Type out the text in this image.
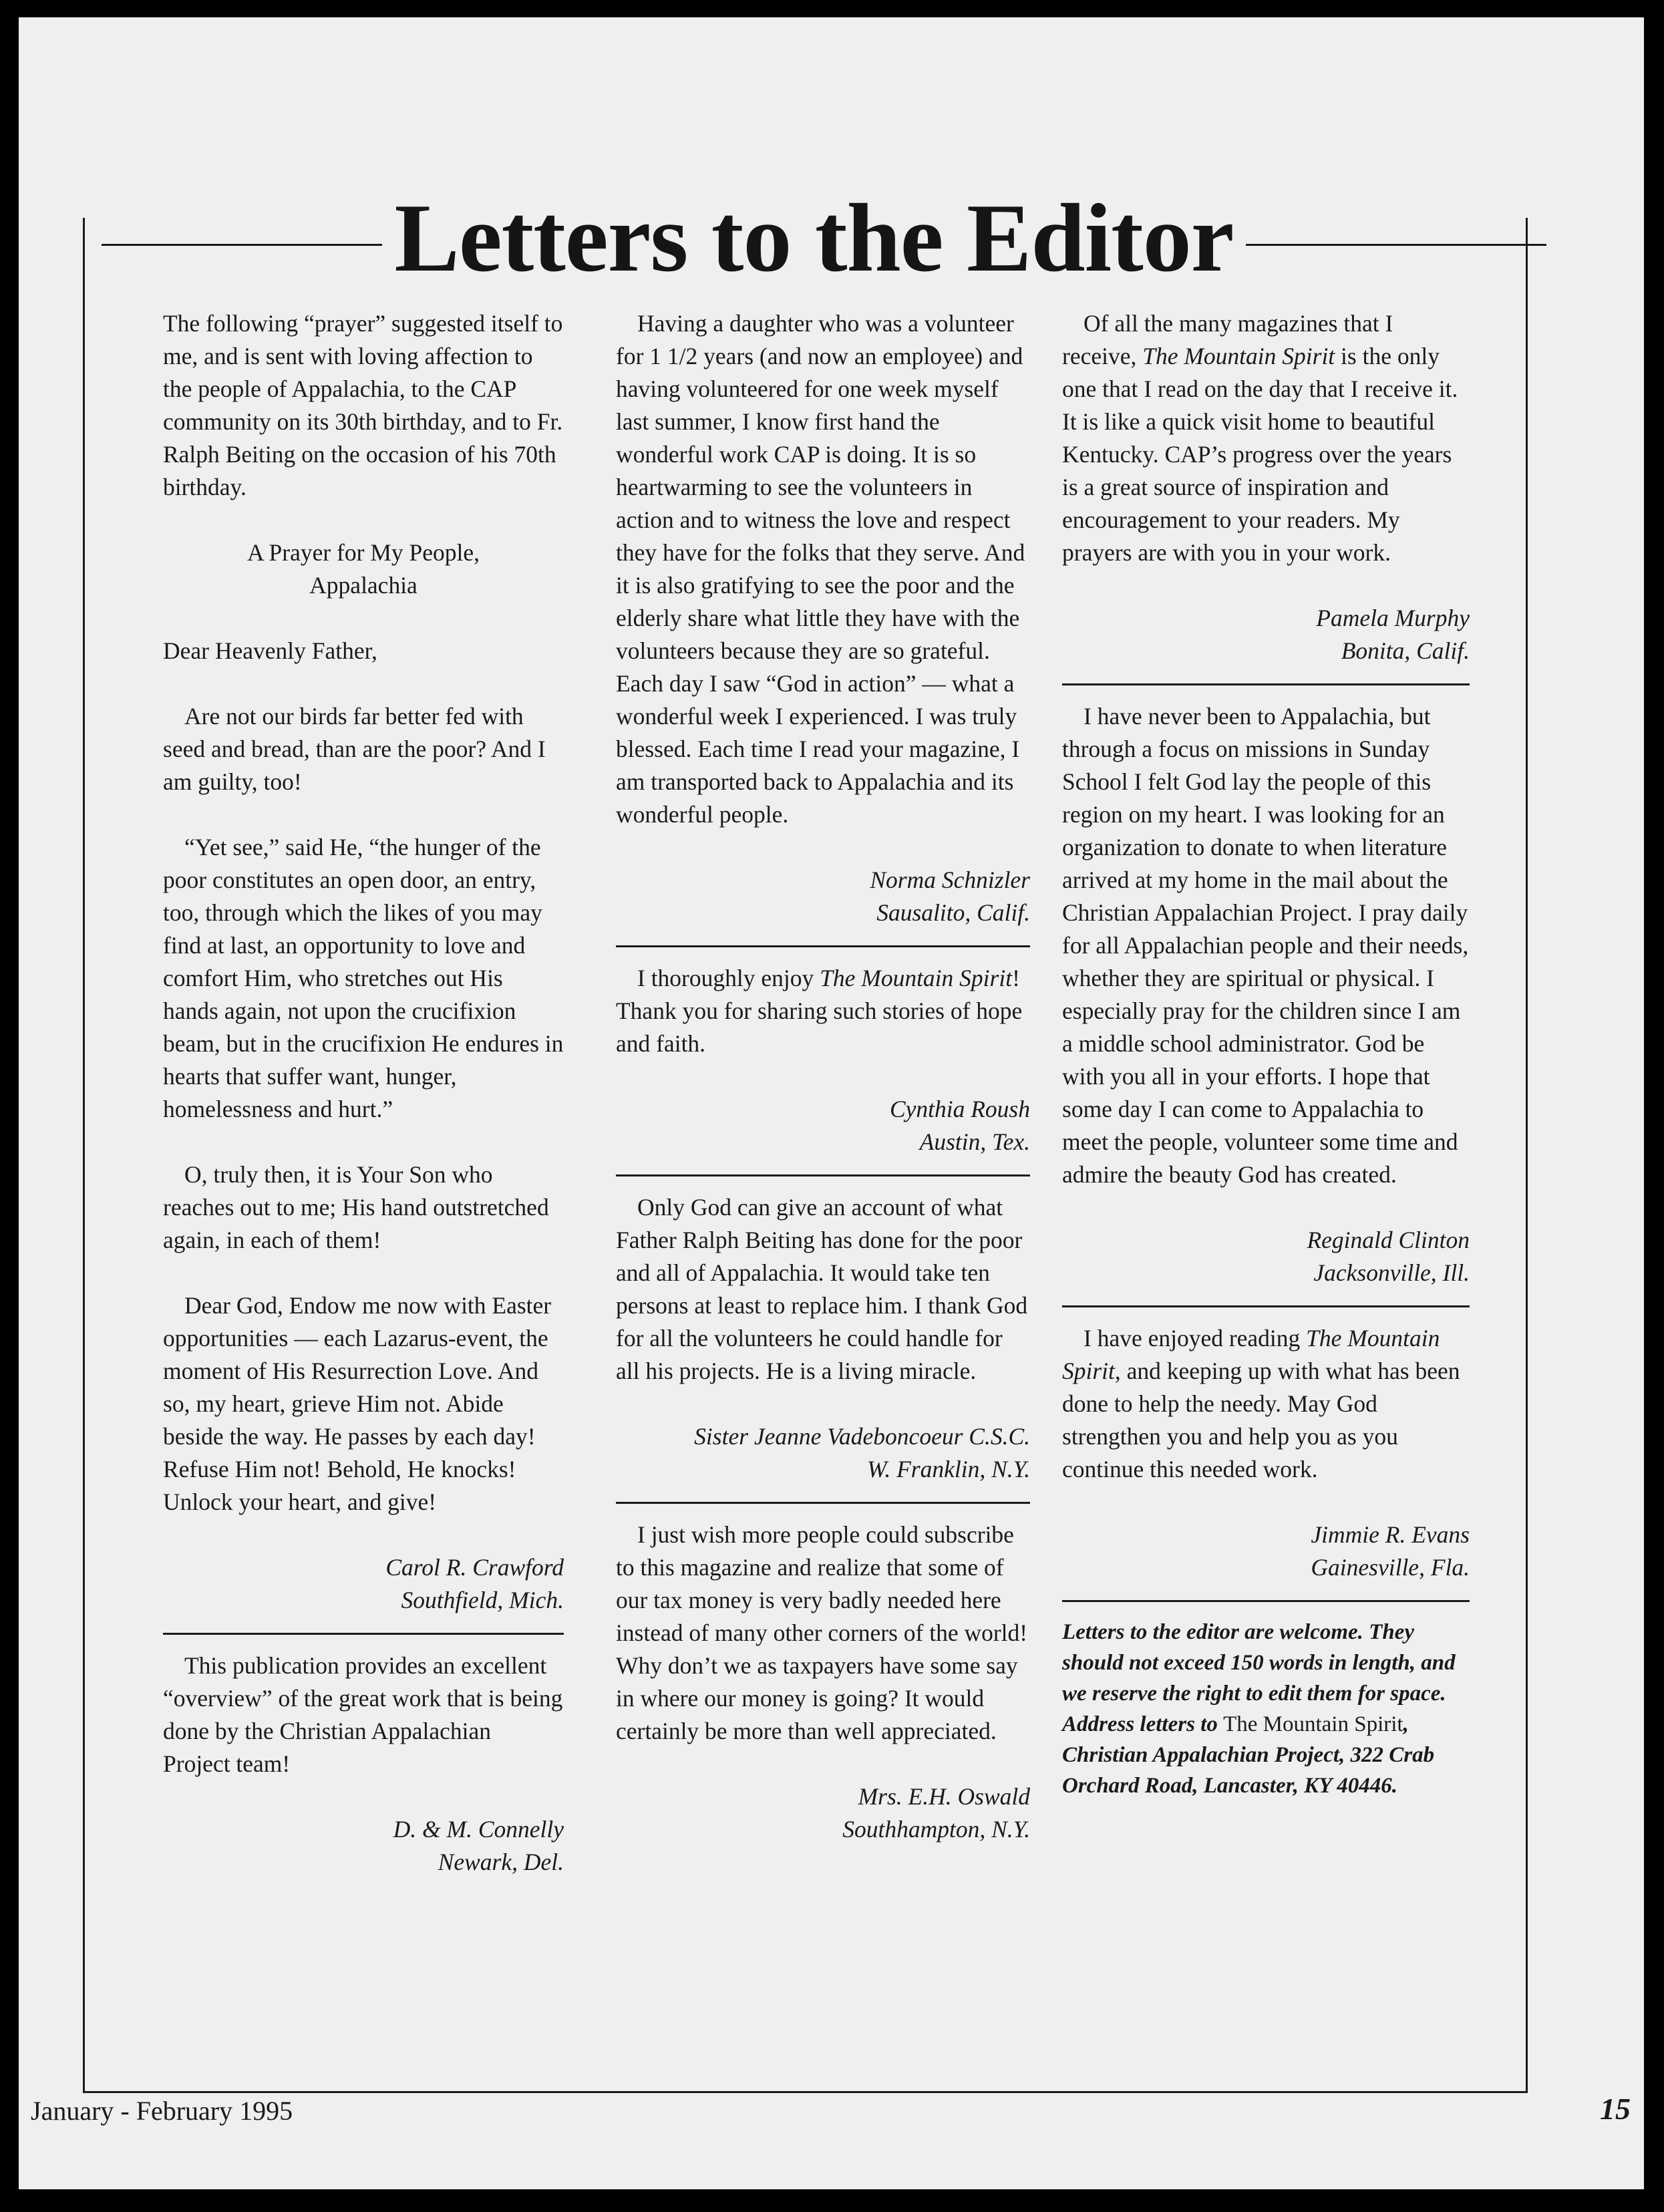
Letters to the Editor

The following “prayer” suggested itself to me, and is sent with loving affection to the people of Appalachia, to the CAP community on its 30th birthday, and to Fr. Ralph Beiting on the occasion of his 70th birthday.

A Prayer for My People,

Appalachia

Dear Heavenly Father,

Are not our birds far better fed with seed and bread, than are the poor? And I am guilty, too!

“Yet see,” said He, “the hunger of the poor constitutes an open door, an entry, too, through which the likes of you may find at last, an opportunity to love and comfort Him, who stretches out His hands again, not upon the crucifixion beam, but in the crucifixion He endures in hearts that suffer want, hunger, homelessness and hurt.”

O, truly then, it is Your Son who reaches out to me; His hand outstretched again, in each of them!

Dear God, Endow me now with Easter opportunities — each Lazarus-event, the moment of His Resurrection Love. And so, my heart, grieve Him not. Abide beside the way. He passes by each day! Refuse Him not! Behold, He knocks! Unlock your heart, and give!

Carol R. Crawford

Southfield, Mich.

This publication provides an excellent “overview” of the great work that is being done by the Christian Appalachian Project team!

D. & M. Connelly

Newark, Del.

Having a daughter who was a volunteer for 1 1/2 years (and now an employee) and having volunteered for one week myself last summer, I know first hand the wonderful work CAP is doing. It is so heartwarming to see the volunteers in action and to witness the love and respect they have for the folks that they serve. And it is also gratifying to see the poor and the elderly share what little they have with the volunteers because they are so grateful. Each day I saw “God in action” — what a wonderful week I experienced. I was truly blessed. Each time I read your magazine, I am transported back to Appalachia and its wonderful people.

Norma Schnizler

Sausalito, Calif.

I thoroughly enjoy The Mountain Spirit! Thank you for sharing such stories of hope and faith.

Cynthia Roush

Austin, Tex.

Only God can give an account of what Father Ralph Beiting has done for the poor and all of Appalachia. It would take ten persons at least to replace him. I thank God for all the volunteers he could handle for all his projects. He is a living miracle.

Sister Jeanne Vadeboncoeur C.S.C.

W. Franklin, N.Y.

I just wish more people could subscribe to this magazine and realize that some of our tax money is very badly needed here instead of many other corners of the world! Why don’t we as taxpayers have some say in where our money is going? It would certainly be more than well appreciated.

Mrs. E.H. Oswald

Southhampton, N.Y.

Of all the many magazines that I receive, The Mountain Spirit is the only one that I read on the day that I receive it. It is like a quick visit home to beautiful Kentucky. CAP’s progress over the years is a great source of inspiration and encouragement to your readers. My prayers are with you in your work.

Pamela Murphy

Bonita, Calif.

I have never been to Appalachia, but through a focus on missions in Sunday School I felt God lay the people of this region on my heart. I was looking for an organization to donate to when literature arrived at my home in the mail about the Christian Appalachian Project. I pray daily for all Appalachian people and their needs, whether they are spiritual or physical. I especially pray for the children since I am a middle school administrator. God be with you all in your efforts. I hope that some day I can come to Appalachia to meet the people, volunteer some time and admire the beauty God has created.

Reginald Clinton

Jacksonville, Ill.

I have enjoyed reading The Mountain Spirit, and keeping up with what has been done to help the needy. May God strengthen you and help you as you continue this needed work.

Jimmie R. Evans

Gainesville, Fla.

Letters to the editor are welcome. They should not exceed 150 words in length, and we reserve the right to edit them for space. Address letters to The Mountain Spirit, Christian Appalachian Project, 322 Crab Orchard Road, Lancaster, KY 40446.

January - February 1995	15
